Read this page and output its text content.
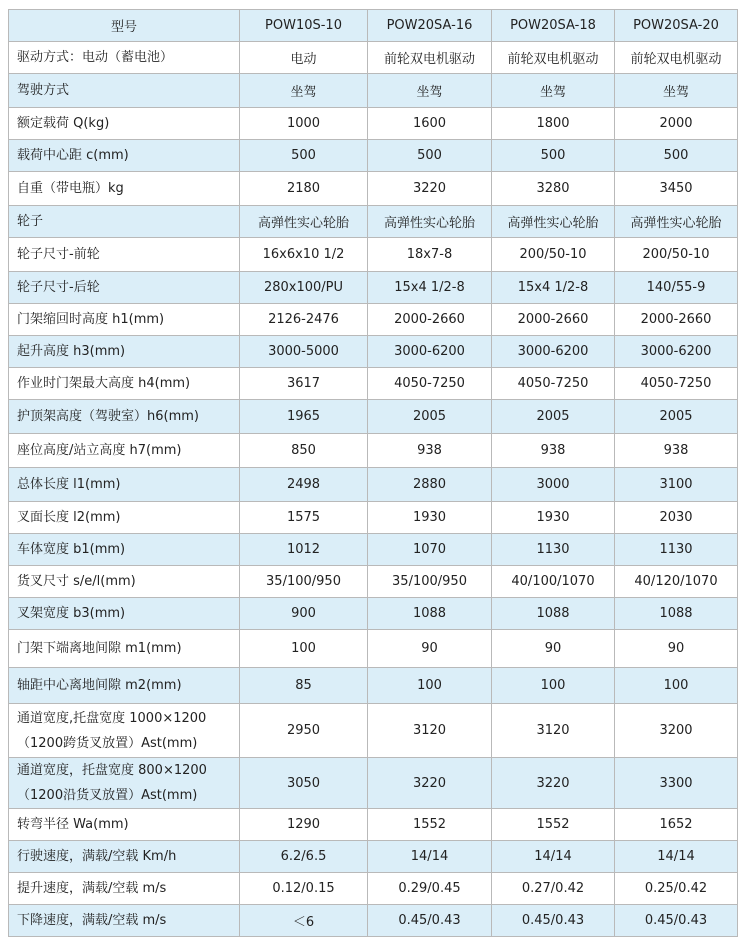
型号	POW10S-10	POW20SA-16	POW20SA-18	POW20SA-20
驱动方式：电动（蓄电池）	电动	前轮双电机驱动	前轮双电机驱动	前轮双电机驱动
驾驶方式	坐驾	坐驾	坐驾	坐驾
额定载荷 Q(kg)	1000	1600	1800	2000
载荷中心距 c(mm)	500	500	500	500
自重（带电瓶）kg	2180	3220	3280	3450
轮子	高弹性实心轮胎	高弹性实心轮胎	高弹性实心轮胎	高弹性实心轮胎
轮子尺寸-前轮	16x6x10 1/2	18x7-8	200/50-10	200/50-10
轮子尺寸-后轮	280x100/PU	15x4 1/2-8	15x4 1/2-8	140/55-9
门架缩回时高度 h1(mm)	2126-2476	2000-2660	2000-2660	2000-2660
起升高度 h3(mm)	3000-5000	3000-6200	3000-6200	3000-6200
作业时门架最大高度 h4(mm)	3617	4050-7250	4050-7250	4050-7250
护顶架高度（驾驶室）h6(mm)	1965	2005	2005	2005
座位高度/站立高度 h7(mm)	850	938	938	938
总体长度 l1(mm)	2498	2880	3000	3100
叉面长度 l2(mm)	1575	1930	1930	2030
车体宽度 b1(mm)	1012	1070	1130	1130
货叉尺寸 s/e/l(mm)	35/100/950	35/100/950	40/100/1070	40/120/1070
叉架宽度 b3(mm)	900	1088	1088	1088
门架下端离地间隙 m1(mm)	100	90	90	90
轴距中心离地间隙 m2(mm)	85	100	100	100
通道宽度,托盘宽度 1000×1200（1200跨货叉放置）Ast(mm)	2950	3120	3120	3200
通道宽度，托盘宽度 800×1200（1200沿货叉放置）Ast(mm)	3050	3220	3220	3300
转弯半径 Wa(mm)	1290	1552	1552	1652
行驶速度，满载/空载 Km/h	6.2/6.5	14/14	14/14	14/14
提升速度，满载/空载 m/s	0.12/0.15	0.29/0.45	0.27/0.42	0.25/0.42
下降速度，满载/空载 m/s	＜6	0.45/0.43	0.45/0.43	0.45/0.43
